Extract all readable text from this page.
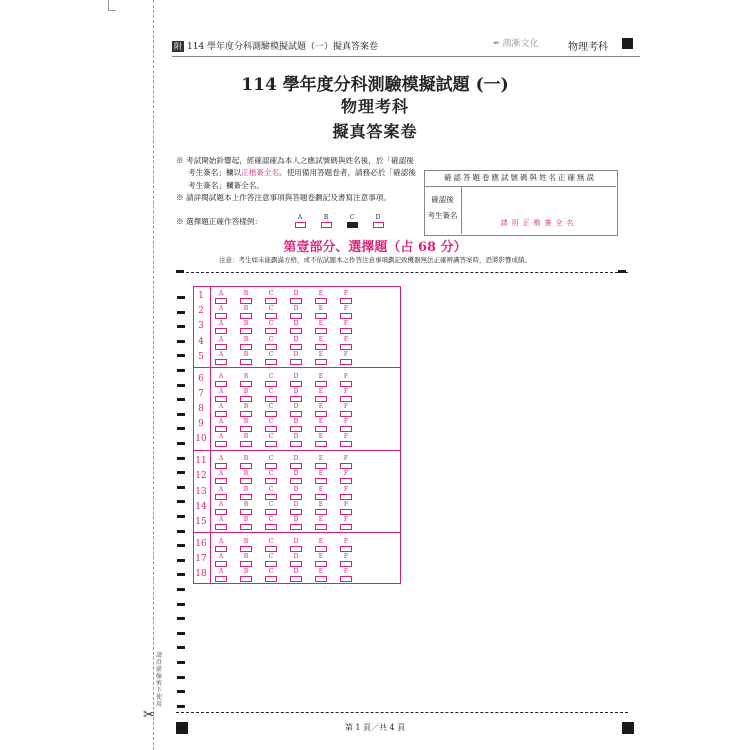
附 114 學年度分科測驗模擬試題（一）擬真答案卷	✒ 鴻漸文化	物理考科
114 學年度分科測驗模擬試題 (一)
物理考科
擬真答案卷

※ 考試開始鈴響起，經確認確為本人之應試號碼與姓名後，於「確認後考生簽名」欄以正楷簽全名。使用備用答題卷者，請務必於「確認後考生簽名」欄簽全名。

※ 請詳閱試題本上作答注意事項與答題卷劃記及書寫注意事項。

※ 選擇題正確作答樣例：	A	B	C	D
確認答題卷應試號碼與姓名正確無誤
確認後
考生簽名
請用正楷簽全名
第壹部分、選擇題（占 68 分）
注意：考生如未能劃滿方格，或不依試題本之作答注意事項劃記致機器無法正確辨識答案時，恐將影響成績。
1	A	B	C	D	E	F
2	A	B	C	D	E	F
3	A	B	C	D	E	F
4	A	B	C	D	E	F
5	A	B	C	D	E	F
6	A	B	C	D	E	F
7	A	B	C	D	E	F
8	A	B	C	D	E	F
9	A	B	C	D	E	F
10	A	B	C	D	E	F
11	A	B	C	D	E	F
12	A	B	C	D	E	F
13	A	B	C	D	E	F
14	A	B	C	D	E	F
15	A	B	C	D	E	F
16	A	B	C	D	E	F
17	A	B	C	D	E	F
18	A	B	C	D	E	F
請沿虛線剪下使用
✂
第 1 頁／共 4 頁
